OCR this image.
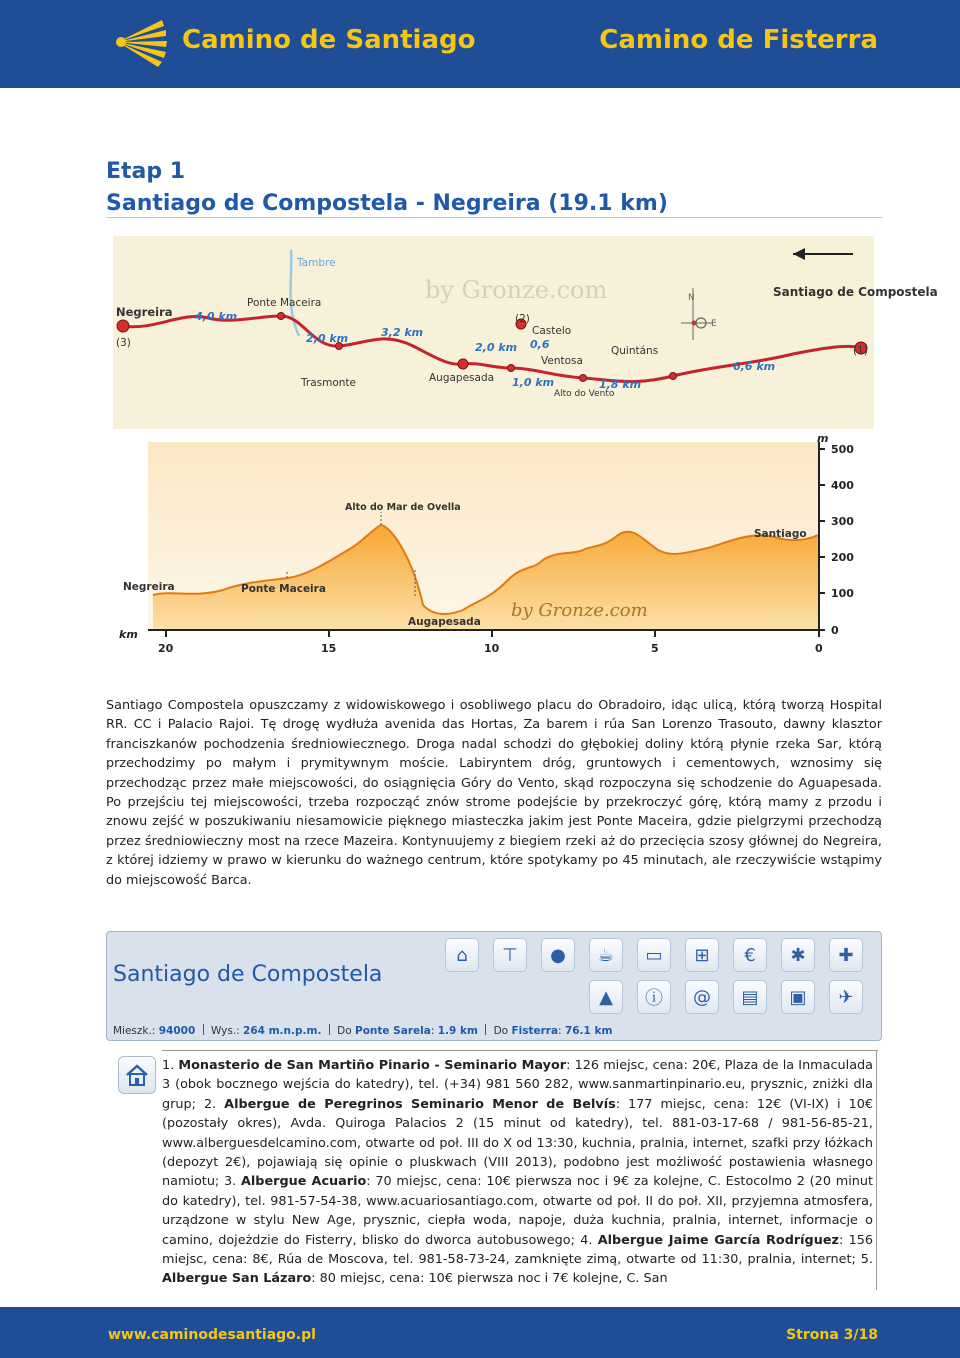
Camino de Santiago	Camino de Fisterra
Etap 1
Santiago de Compostela - Negreira (19.1 km)
N
E
Negreira
(3)
Ponte Maceira
Tambre
Trasmonte	Augapesada
Castelo
(2)
Ventosa
Alto do Vento
Quintáns
Santiago de Compostela
(1)
4,0 km
2,0 km	3,2 km
2,0 km 0,6
1,0 km	1,8 km
6,6 km
by Gronze.com
500
400
300
200
100
0
m
20	15	10	5	0
km
Alto do Mar de Ovella
Santiago
Negreira	Ponte Maceira
Augapesada
by Gronze.com

Santiago Compostela opuszczamy z widowiskowego i osobliwego placu do Obradoiro, idąc ulicą, którą tworzą Hospital RR. CC i Palacio Rajoi. Tę drogę wydłuża avenida das Hortas, Za barem i rúa San Lorenzo Trasouto, dawny klasztor franciszkanów pochodzenia średniowiecznego. Droga nadal schodzi do głębokiej doliny którą płynie rzeka Sar, którą przechodzimy po małym i prymitywnym moście. Labiryntem dróg, gruntowych i cementowych, wznosimy się przechodząc przez małe miejscowości, do osiągnięcia Góry do Vento, skąd rozpoczyna się schodzenie do Aguapesada. Po przejściu tej miejscowości, trzeba rozpocząć znów strome podejście by przekroczyć górę, którą mamy z przodu i znowu zejść w poszukiwaniu niesamowicie pięknego miasteczka jakim jest Ponte Maceira, gdzie pielgrzymi przechodzą przez średniowieczny most na rzece Mazeira. Kontynuujemy z biegiem rzeki aż do przecięcia szosy głównej do Negreira, z której idziemy w prawo w kierunku do ważnego centrum, które spotykamy po 45 minutach, ale rzeczywiście wstąpimy do miejscowość Barca.

Santiago de Compostela
⌂	⊤	●	☕	▭	⊞	€	✱	✚
▲	ⓘ	@	▤	▣	✈
Mieszk.: 94000 Wys.: 264 m.n.p.m. Do Ponte Sarela: 1.9 km Do Fisterra: 76.1 km
1. Monasterio de San Martiño Pinario - Seminario Mayor: 126 miejsc, cena: 20€, Plaza de la Inmaculada 3 (obok bocznego wejścia do katedry), tel. (+34) 981 560 282, www.sanmartinpinario.eu, prysznic, zniżki dla grup; 2. Albergue de Peregrinos Seminario Menor de Belvís: 177 miejsc, cena: 12€ (VI-IX) i 10€ (pozostały okres), Avda. Quiroga Palacios 2 (15 minut od katedry), tel. 881-03-17-68 / 981-56-85-21, www.alberguesdelcamino.com, otwarte od poł. III do X od 13:30, kuchnia, pralnia, internet, szafki przy łóżkach (depozyt 2€), pojawiają się opinie o pluskwach (VIII 2013), podobno jest możliwość postawienia własnego namiotu; 3. Albergue Acuario: 70 miejsc, cena: 10€ pierwsza noc i 9€ za kolejne, C. Estocolmo 2 (20 minut do katedry), tel. 981-57-54-38, www.acuariosantiago.com, otwarte od poł. II do poł. XII, przyjemna atmosfera, urządzone w stylu New Age, prysznic, ciepła woda, napoje, duża kuchnia, pralnia, internet, informacje o camino, dojeżdzie do Fisterry, blisko do dworca autobusowego; 4. Albergue Jaime García Rodríguez: 156 miejsc, cena: 8€, Rúa de Moscova, tel. 981-58-73-24, zamknięte zimą, otwarte od 11:30, pralnia, internet; 5. Albergue San Lázaro: 80 miejsc, cena: 10€ pierwsza noc i 7€ kolejne, C. San
www.caminodesantiago.pl	Strona 3/18
